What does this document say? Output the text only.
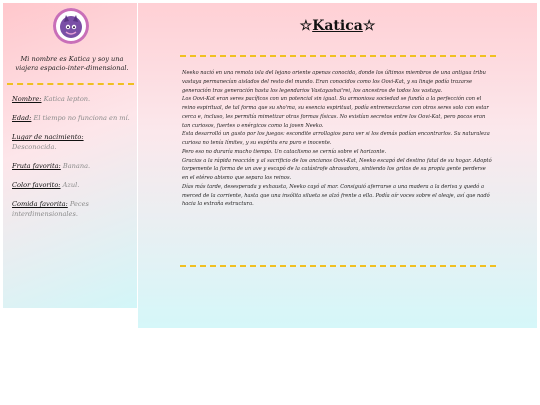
Mi nombre es Katica y soy una viajera espacio-inter-dimensional.
Nombre: Katica lepton.
Edad: El tiempo no funciona en mí.
Lugar de nacimiento:
Desconocida.
Fruta favorita: Banana.
Color favorito: Azul.
Comida favorita: Peces interdimensionales.
☆Katica☆

Neeko nació en una remota isla del lejano oriente apenas conocida, donde los últimos miembros de una antigua tribu vastaya permanecían aislados del resto del mundo. Eran conocidos como los Oovi-Kat, y su linaje podía trazarse generación tras generación hasta los legendarios Vastayashai'rei, los ancestros de todos los vastaya.

Los Oovi-Kat eran seres pacíficos con un potencial sin igual. Su armoniosa sociedad se fundía a la perfección con el reino espiritual, de tal forma que su sho'ma, su esencia espiritual, podía entremezclarse con otros seres solo con estar cerca e, incluso, les permitía mimetizar otras formas físicas. No existían secretos entre los Oovi-Kat, pero pocos eran tan curiosos, fuertes o enérgicos como la joven Neeko.

Esta desarrolló un gusto por los juegos: escondite arrollagios para ver si los demás podían encontrarlos. Su naturaleza curiosa no tenía límites, y su espíritu era puro e inocente.

Pero eso no duraría mucho tiempo. Un cataclismo se cernía sobre el horizonte.

Gracias a la rápida reacción y al sacrificio de los ancianos Oovi-Kat, Neeko escapó del destino fatal de su hogar. Adoptó torpemente la forma de un ave y escapó de la catástrofe abrasadora, sintiendo los gritos de su propia gente perderse en el etéreo abismo que separa los reinos.

Días más tarde, desesperada y exhausta, Neeko cayó al mar. Consiguió aferrarse a una madera a la deriva y quedó a merced de la corriente, hasta que una insólita silueta se alzó frente a ella. Podía oír voces sobre el oleaje, así que nadó hacia la extraña estructura.
